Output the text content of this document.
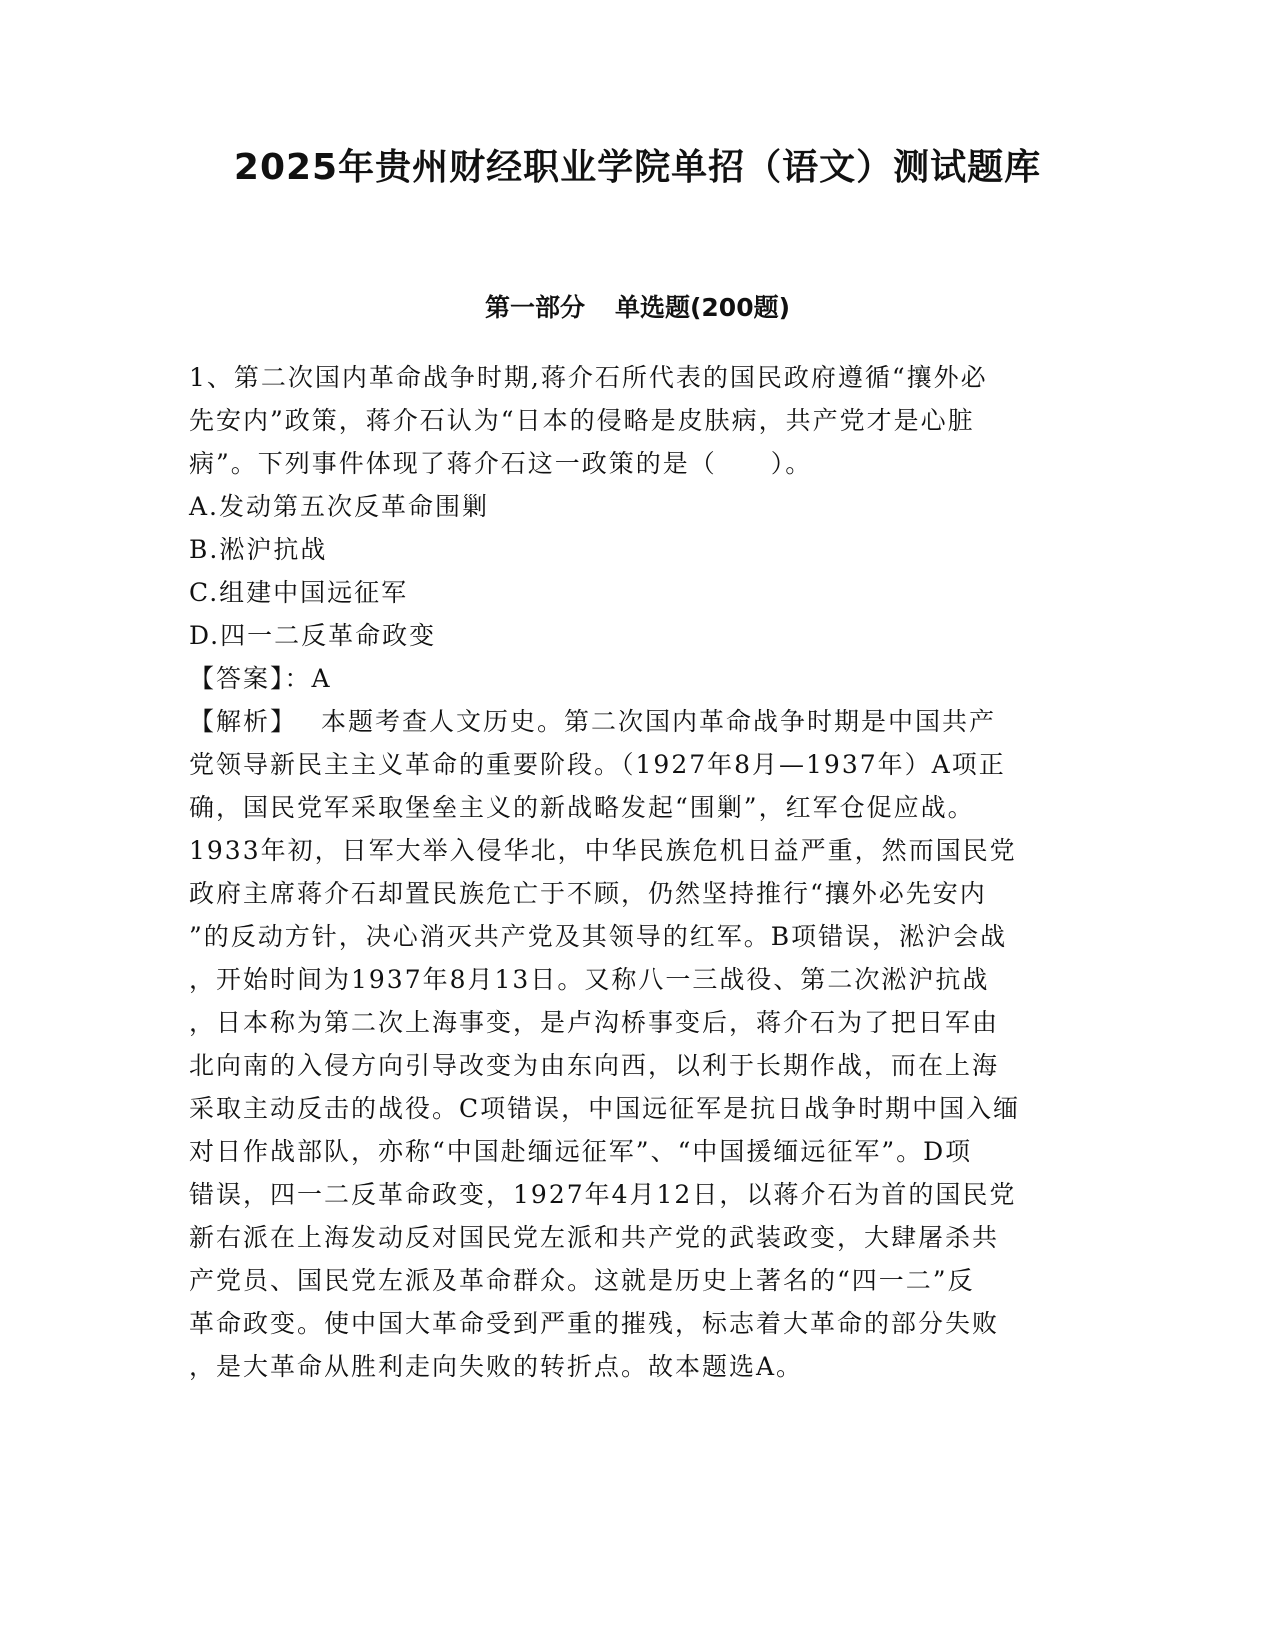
2025年贵州财经职业学院单招（语文）测试题库
第一部分 单选题(200题)
1、第二次国内革命战争时期,蒋介石所代表的国民政府遵循“攘外必
先安内”政策，蒋介石认为“日本的侵略是皮肤病，共产党才是心脏
病”。下列事件体现了蒋介石这一政策的是（　　）。
A.发动第五次反革命围剿
B.淞沪抗战
C.组建中国远征军
D.四一二反革命政变
【答案】：A
【解析】 本题考查人文历史。第二次国内革命战争时期是中国共产
党领导新民主主义革命的重要阶段。（1927年8月—1937年）A项正
确，国民党军采取堡垒主义的新战略发起“围剿”，红军仓促应战。
1933年初，日军大举入侵华北，中华民族危机日益严重，然而国民党
政府主席蒋介石却置民族危亡于不顾，仍然坚持推行“攘外必先安内
”的反动方针，决心消灭共产党及其领导的红军。B项错误，淞沪会战
，开始时间为1937年8月13日。又称八一三战役、第二次淞沪抗战
，日本称为第二次上海事变，是卢沟桥事变后，蒋介石为了把日军由
北向南的入侵方向引导改变为由东向西，以利于长期作战，而在上海
采取主动反击的战役。C项错误，中国远征军是抗日战争时期中国入缅
对日作战部队，亦称“中国赴缅远征军”、“中国援缅远征军”。D项
错误，四一二反革命政变，1927年4月12日，以蒋介石为首的国民党
新右派在上海发动反对国民党左派和共产党的武装政变，大肆屠杀共
产党员、国民党左派及革命群众。这就是历史上著名的“四一二”反
革命政变。使中国大革命受到严重的摧残，标志着大革命的部分失败
，是大革命从胜利走向失败的转折点。故本题选A。
